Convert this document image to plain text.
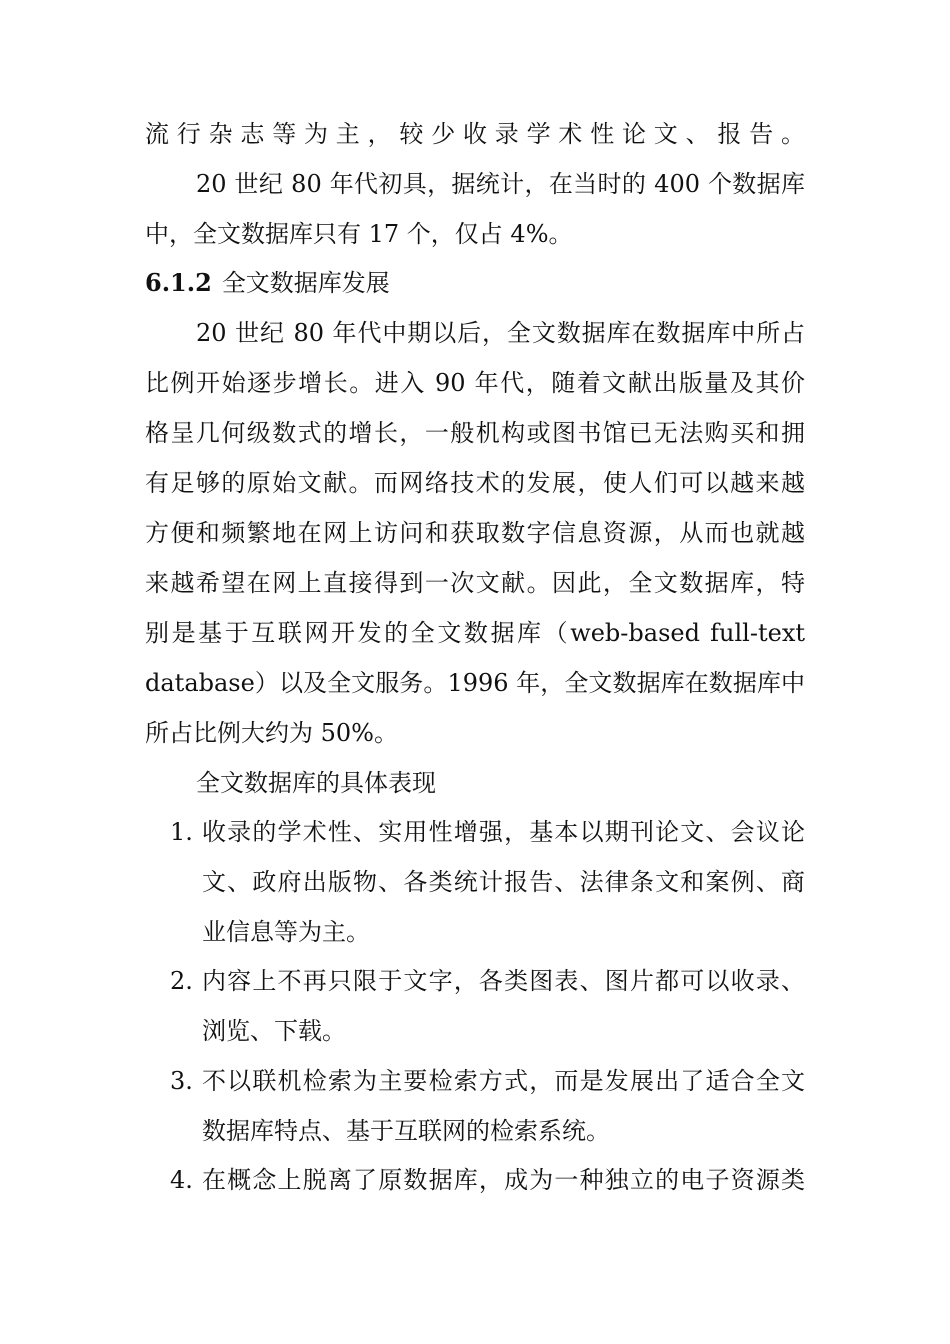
流行杂志等为主，较少收录学术性论文、报告。
20 世纪 80 年代初具，据统计，在当时的 400 个数据库
中，全文数据库只有 17 个，仅占 4%。
6.1.2 全文数据库发展
20 世纪 80 年代中期以后，全文数据库在数据库中所占
比例开始逐步增长。进入 90 年代，随着文献出版量及其价
格呈几何级数式的增长，一般机构或图书馆已无法购买和拥
有足够的原始文献。而网络技术的发展，使人们可以越来越
方便和频繁地在网上访问和获取数字信息资源，从而也就越
来越希望在网上直接得到一次文献。因此，全文数据库，特
别是基于互联网开发的全文数据库（web-based full-text
database）以及全文服务。1996 年，全文数据库在数据库中
所占比例大约为 50%。
全文数据库的具体表现
1. 收录的学术性、实用性增强，基本以期刊论文、会议论
文、政府出版物、各类统计报告、法律条文和案例、商
业信息等为主。
2. 内容上不再只限于文字，各类图表、图片都可以收录、
浏览、下载。
3. 不以联机检索为主要检索方式，而是发展出了适合全文
数据库特点、基于互联网的检索系统。
4. 在概念上脱离了原数据库，成为一种独立的电子资源类
